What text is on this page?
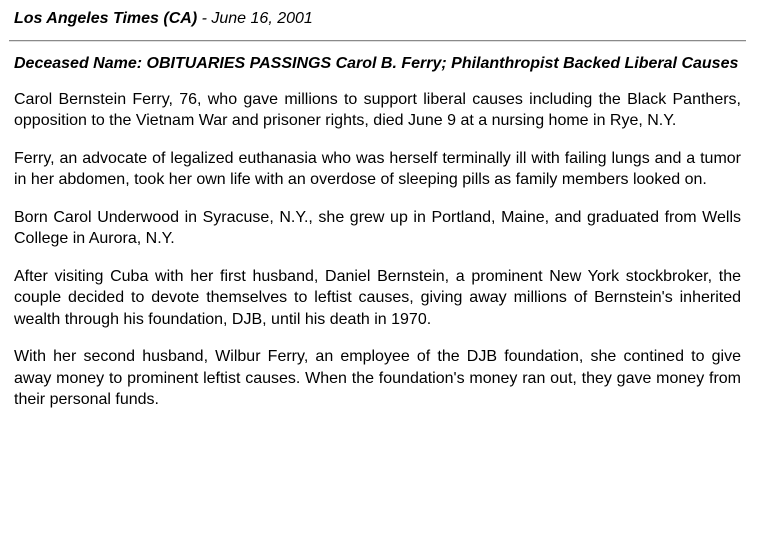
Los Angeles Times (CA) - June 16, 2001
Deceased Name: OBITUARIES PASSINGS Carol B. Ferry; Philanthropist Backed Liberal Causes

Carol Bernstein Ferry, 76, who gave millions to support liberal causes including the Black Panthers, opposition to the Vietnam War and prisoner rights, died June 9 at a nursing home in Rye, N.Y.

Ferry, an advocate of legalized euthanasia who was herself terminally ill with failing lungs and a tumor in her abdomen, took her own life with an overdose of sleeping pills as family members looked on.

Born Carol Underwood in Syracuse, N.Y., she grew up in Portland, Maine, and graduated from Wells College in Aurora, N.Y.

After visiting Cuba with her first husband, Daniel Bernstein, a prominent New York stockbroker, the couple decided to devote themselves to leftist causes, giving away millions of Bernstein's inherited wealth through his foundation, DJB, until his death in 1970.

With her second husband, Wilbur Ferry, an employee of the DJB foundation, she contined to give away money to prominent leftist causes. When the foundation's money ran out, they gave money from their personal funds.
